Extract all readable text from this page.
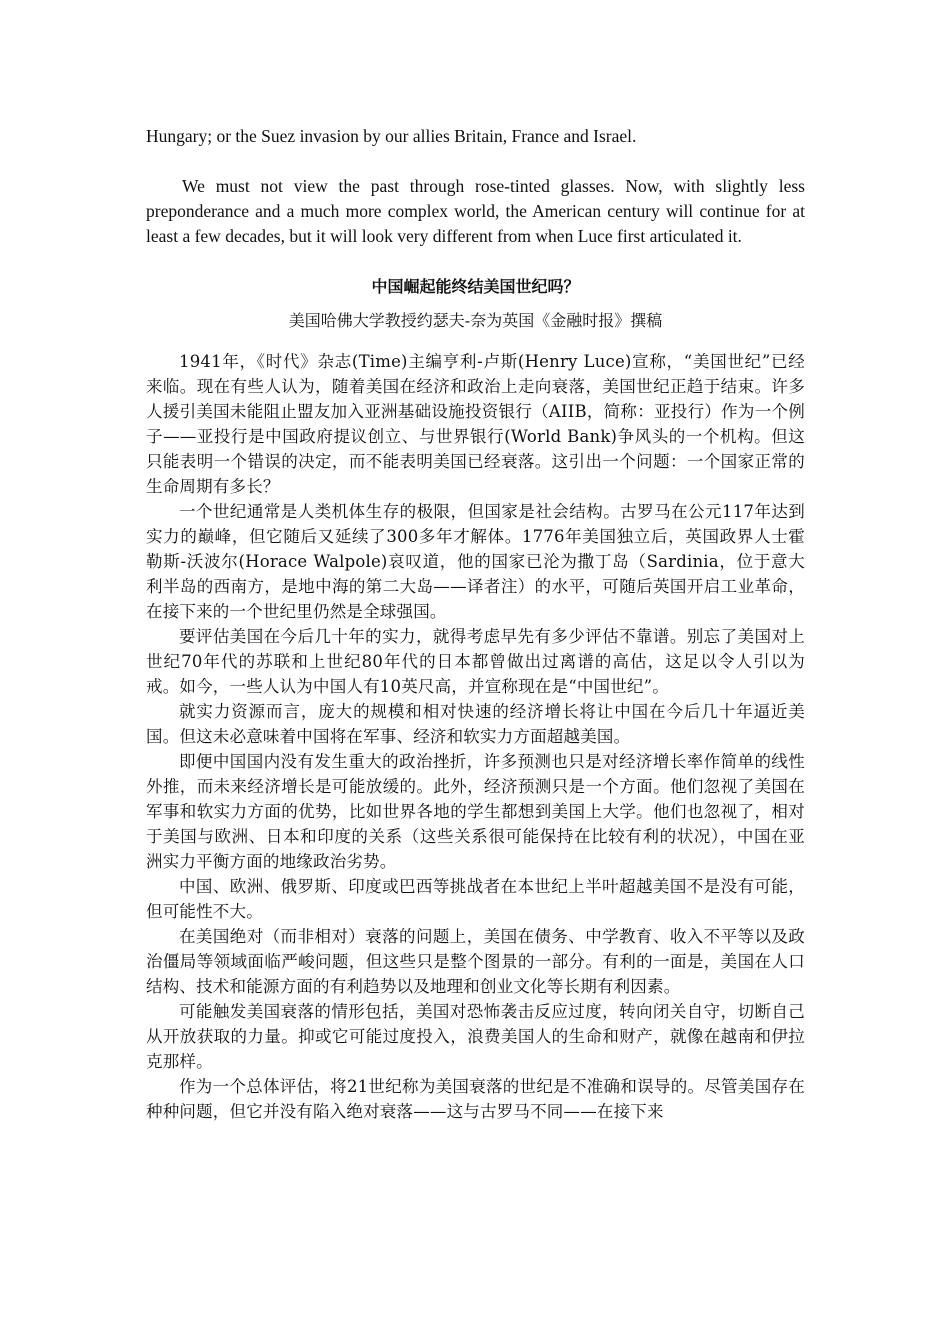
Hungary; or the Suez invasion by our allies Britain, France and Israel.

We must not view the past through rose-tinted glasses. Now, with slightly less preponderance and a much more complex world, the American century will continue for at least a few decades, but it will look very different from when Luce first articulated it.

中国崛起能终结美国世纪吗？

美国哈佛大学教授约瑟夫-奈为英国《金融时报》撰稿

1941年，《时代》杂志(Time)主编亨利-卢斯(Henry Luce)宣称，“美国世纪”已经来临。现在有些人认为，随着美国在经济和政治上走向衰落，美国世纪正趋于结束。许多人援引美国未能阻止盟友加入亚洲基础设施投资银行（AIIB，简称：亚投行）作为一个例子——亚投行是中国政府提议创立、与世界银行(World Bank)争风头的一个机构。但这只能表明一个错误的决定，而不能表明美国已经衰落。这引出一个问题：一个国家正常的生命周期有多长？

一个世纪通常是人类机体生存的极限，但国家是社会结构。古罗马在公元117年达到实力的巅峰，但它随后又延续了300多年才解体。1776年美国独立后，英国政界人士霍勒斯-沃波尔(Horace Walpole)哀叹道，他的国家已沦为撒丁岛（Sardinia，位于意大利半岛的西南方，是地中海的第二大岛——译者注）的水平，可随后英国开启工业革命，在接下来的一个世纪里仍然是全球强国。

要评估美国在今后几十年的实力，就得考虑早先有多少评估不靠谱。别忘了美国对上世纪70年代的苏联和上世纪80年代的日本都曾做出过离谱的高估，这足以令人引以为戒。如今，一些人认为中国人有10英尺高，并宣称现在是“中国世纪”。

就实力资源而言，庞大的规模和相对快速的经济增长将让中国在今后几十年逼近美国。但这未必意味着中国将在军事、经济和软实力方面超越美国。

即便中国国内没有发生重大的政治挫折，许多预测也只是对经济增长率作简单的线性外推，而未来经济增长是可能放缓的。此外，经济预测只是一个方面。他们忽视了美国在军事和软实力方面的优势，比如世界各地的学生都想到美国上大学。他们也忽视了，相对于美国与欧洲、日本和印度的关系（这些关系很可能保持在比较有利的状况），中国在亚洲实力平衡方面的地缘政治劣势。

中国、欧洲、俄罗斯、印度或巴西等挑战者在本世纪上半叶超越美国不是没有可能，但可能性不大。

在美国绝对（而非相对）衰落的问题上，美国在债务、中学教育、收入不平等以及政治僵局等领域面临严峻问题，但这些只是整个图景的一部分。有利的一面是，美国在人口结构、技术和能源方面的有利趋势以及地理和创业文化等长期有利因素。

可能触发美国衰落的情形包括，美国对恐怖袭击反应过度，转向闭关自守，切断自己从开放获取的力量。抑或它可能过度投入，浪费美国人的生命和财产，就像在越南和伊拉克那样。

作为一个总体评估，将21世纪称为美国衰落的世纪是不准确和误导的。尽管美国存在种种问题，但它并没有陷入绝对衰落——这与古罗马不同——在接下来
